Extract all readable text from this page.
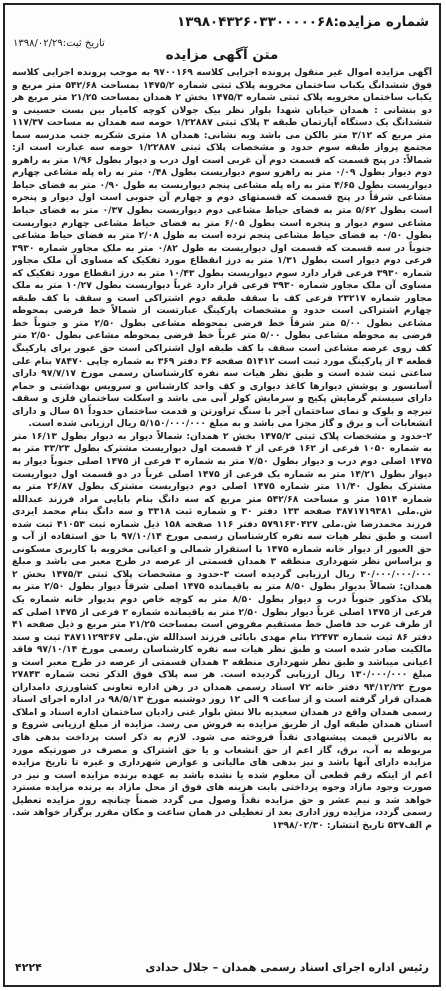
شماره مزایده:۱۳۹۸۰۴۳۲۶۰۳۳۰۰۰۰۰۶۸
تاریخ ثبت:۱۳۹۸/۰۲/۲۹
متن آگهی مزایده

آگهی مزایده اموال غیر منقول پرونده اجرایی کلاسه ۹۷۰۰۱۶۹ به موجب پرونده اجرایی کلاسه فوق ششدانگ یکباب ساختمان مخروبه پلاک ثبتی شماره ۱۴۷۵/۲ بمساحت ۵۴۲/۶۸ متر مربع و یکباب ساختمان مخروبه پلاک ثبتی شماره ۱۴۷۵/۳ بخش ۲ همدان بمساحت ۲۱/۲۵ متر مربع هر دو بنشانی : همدان خیابان شهدا بلوار نظر بیک جولان کوچه کامیار بین بست حسینی و ششدانگ یک دستگاه آپارتمان طبقه ۳ پلاک ثبتی ۱/۲۲۸۸۷ حومه سه همدان به مساحت ۱۱۷/۳۷ متر مربع که ۳/۱۲ متر بالکن می باشد وبه نشانی: همدان ۱۸ متری شکریه جنب مدرسه سما مجتمع پرواز طبقه سوم حدود و مشخصات پلاک ثبتی ۱/۲۲۸۸۷ حومه سه عبارت است از: شمالاً: در پنج قسمت که قسمت دوم آن غربی است اول درب و دیوار بطول ۱/۹۶ متر به راهرو دوم دیوار بطول ۰/۰۹ متر به راهرو سوم دیواریست بطول ۰/۴۸ متر به راه پله مشاعی چهارم دیواریست بطول ۴/۶۵ متر به راه پله مشاعی پنجم دیواریست به طول ۰/۹۰ متر به فضای حیاط مشاعی شرقاً در پنج قسمت که قسمتهای دوم و چهارم آن جنوبی است اول دیوار و پنجره است بطول ۵/۶۲ متر به فضای حیاط مشاعی دوم دیواریست بطول ۰/۳۷ متر به فضای حیاط مشاعی سوم دیوار و پنجره است بطول ۶/۰۵ متر به فضای حیاط مشاعی چهارم دیواریست بطول ۰/۵۰ به فضای حیاط مشاعی پنجم نرده است به طول ۲/۰۸ متر به فضای حیاط مشاعی جنوباً در سه قسمت که قسمت اول دیواریست به طول ۰/۸۲ متر به ملک مجاور شماره ۳۹۳۰ فرعی دوم دیوار است بطول ۱/۳۱ متر به درز انقطاع مورد تفکیک که مساوی آن ملک مجاور شماره ۳۹۳۰ فرعی قرار دارد سوم دیواریست بطول ۱۰/۴۳ متر به درز انقطاع مورد تفکیک که مساوی آن ملک مجاور شماره ۳۹۳۰ فرعی قرار دارد غرباً دیواریست بطول ۱۰/۲۷ متر به ملک مجاور شماره ۲۳۲۱۷ فرعی کف با سقف طبقه دوم اشتراکی است و سقف با کف طبقه چهارم اشتراکی است حدود و مشخصات پارکینگ عبارتست از شمالاً خط فرضی بمحوطه مشاعی بطول ۵/۰۰ متر شرقاً خط فرضی بمحوطه مشاعی بطول ۲/۵۰ متر و جنوباً خط فرضی به محوطه مشاعی بطول ۵/۰۰ متر غرباً خط فرضی بمحوطه مشاعی بطول ۲/۵۰ متر کف روی عرصه مشاعی است سقف با کف طبقه اول اشتراکی است حق عبور برای پارکینگ قطعه ۴ از پارکینگ مورد ثبت است ۵۱۴۱۲ صفحه ۳۶ دفتر ۳۶۹ به شماره چاپی ۷۸۴۷۰ بنام علی ساعتی ثبت شده است و طبق نظر هیات سه نفره کارشناسان رسمی مورخ ۹۷/۷/۱۷ دارای آسانسور و پوشش دیوارها کاغذ دیواری و کف واحد کارشناس و سرویس بهداشتی و حمام دارای سیستم گرمایش پکیج و سرمایش کولر آبی می باشد و اسکلت ساختمان فلزی و سقف تیرچه و بلوک و نمای ساختمان آجر با سنگ تراورتن و قدمت ساختمان حدوداً ۵۱ سال و دارای انشعابات آب و برق و گاز مجزا می باشد و به مبلغ ۵/۱۵۰/۰۰۰/۰۰۰ ریال ارزیابی شده است.

۲-حدود و مشخصات پلاک ثبتی ۱۴۷۵/۲ بخش ۲ همدان: شمالاً دیوار به دیوار بطول ۱۶/۱۳ متر به شماره ۱۰۵۰ فرعی از ۱۶۲ فرعی از ۲ قسمت اول دیواریست مشترک بطول ۳۳/۲۳ متر به ۱۴۷۵ اصلی دوم درب و دیوار بطول ۷/۵۰ متر به شماره ۳ فرعی از ۱۴۷۵ اصلی جنوباً دیوار به دیوار بطول ۱۴/۲۱ متر به شماره یک فرعی از ۱۴۷۵ اصلی غرباً در دو قسمت اول دیواریست مشترک بطول ۱۱/۴۰ متر شماره ۱۴۷۵ اصلی دوم دیواریست مشترک بطول ۲۶/۸۷ متر به شماره ۱۵۱۴ متر و مساحت ۵۴۲/۶۸ متر مربع که سه دانگ بنام بابایی مراد فرزند عبدالله ش.ملی ۳۸۷۱۷۱۹۳۸۱ صفحه ۱۳۳ دفتر ۳۰ و شماره ثبت ۳۳۱۸ و سه دانگ بنام محمد ایزدی فرزند محمدرضا ش.ملی ۵۷۹۱۶۳۰۴۲۷ دفتر ۱۱۶ صفحه ۱۵۸ ذیل شماره ثبت ۴۱۰۵۳ ثبت شده است و طبق نظر هیات سه نفره کارشناسان رسمی مورخ ۹۷/۱۰/۱۴ با حق استفاده از آب و حق العبور از دیوار خانه شماره ۱۴۷۵ با استقرار شمالی و اعیانی مخروبه با کاربری مسکونی و براساس نظر شهرداری منطقه ۳ همدان قسمتی از عرصه در طرح معبر می باشد و مبلغ ۳۰/۰۰۰/۰۰۰/۰۰۰ ریال ارزیابی گردیده است ۳-حدود و مشخصات پلاک ثبتی ۱۴۷۵/۳ بخش ۲ همدان: شمالاً بدیوار بطول ۸/۵۰ متر به باقیمانده ۱۴۷۵ اصلی شرقاً دیوار بطول ۲/۵۰ متر به پلاک مذکور جنوباً درب و دیوار بطول ۸/۵۰ متر به کوچه خاص دوم بدیوار خانه شماره یک فرعی از ۱۴۷۵ اصلی غرباً دیوار بطول ۲/۵۰ متر به باقیمانده شماره ۲ فرعی از ۱۴۷۵ اصلی که از طرف غرب حد فاصل خط مستقیم مفروض است بمساحت ۲۱/۲۵ متر مربع و ذیل صفحه ۴۱ دفتر ۸۶ ثبت شماره ۲۲۴۷۳ بنام مهدی بابائی فرزند اسدالله ش.ملی ۳۸۷۱۱۲۹۳۶۷ ثبت و سند مالکیت صادر شده است و طبق نظر هیات سه نفره کارشناسان رسمی مورخ ۹۷/۱۰/۱۴ فاقد اعیانی میباشد و طبق نظر شهرداری منطقه ۳ همدان قسمتی از عرصه در طرح معبر است و مبلغ ۱۳۰/۰۰۰/۰۰۰ ریال ارزیابی گردیده است. هر سه پلاک فوق الذکر تحت شماره ۲۷۸۴۳ مورخ ۹۴/۱۲/۲۲ دفتر خانه ۷۲ اسناد رسمی همدان در رهن اداره تعاونی کشاورزی دامداران همدان قرار گرفته است و از ساعت ۹ الی ۱۲ روز دوشنبه مورخ ۹۸/۵/۱۳ در اداره اجرای اسناد رسمی همدان واقع در همدان سعیدیه بالا نبش بلوار غنی زادیان ساختمان اداره اسناد و املاک استان همدان طبقه اول از طریق مزایده به فروش می رسد. مزایده از مبلغ ارزیابی شروع و به بالاترین قیمت پیشنهادی نقداً فروخته می شود. لازم به ذکر است پرداخت بدهی های مربوطه به آب، برق، گاز اعم از حق انشعاب و یا حق اشتراک و مصرف در صورتیکه مورد مزایده دارای آنها باشد و نیز بدهی های مالیاتی و عوارض شهرداری و غیره تا تاریخ مزایده اعم از اینکه رقم قطعی آن معلوم شده یا نشده باشد به عهده برنده مزایده است و نیز در صورت وجود مازاد وجوه پرداختی بابت هزینه های فوق از محل مازاد به برنده مزایده مسترد خواهد شد و نیم عشر و حق مزایده نقداً وصول می گردد ضمناً چنانچه روز مزایده تعطیل رسمی گردد، مزایده روز اداری بعد از تعطیلی در همان ساعت و مکان مقرر برگزار خواهد شد. م الف۵۳۷ تاریخ انتشار: ۱۳۹۸/۰۲/۳۰

رئیس اداره اجرای اسناد رسمی همدان – جلال حدادی
۴۲۲۴
